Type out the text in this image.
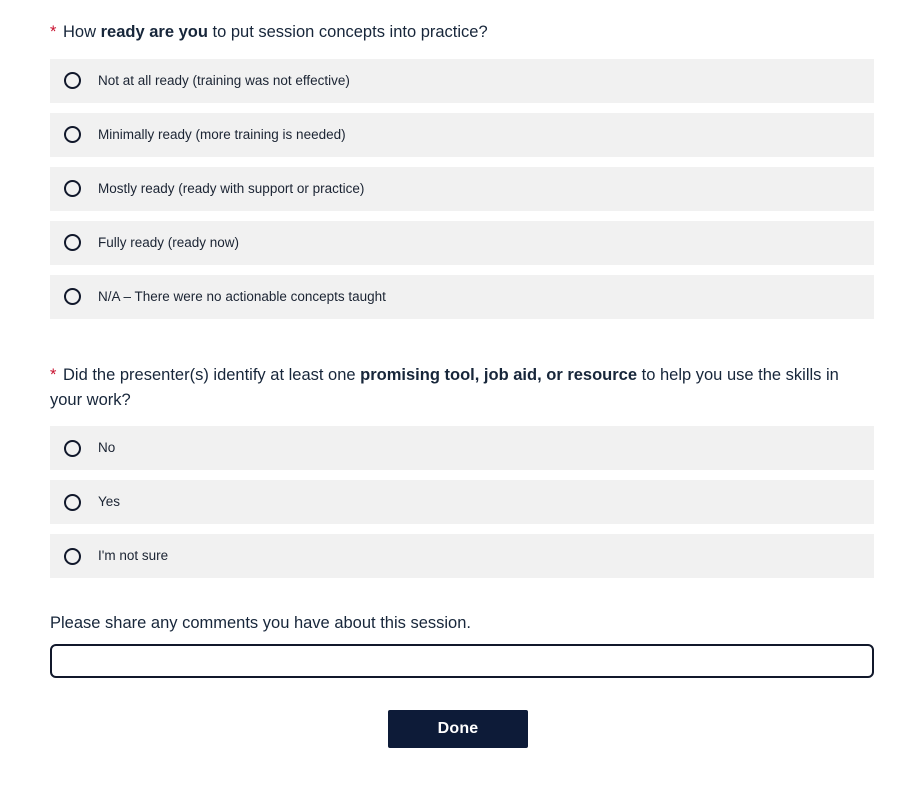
* How ready are you to put session concepts into practice?

Not at all ready (training was not effective)
Minimally ready (more training is needed)
Mostly ready (ready with support or practice)
Fully ready (ready now)
N/A – There were no actionable concepts taught

* Did the presenter(s) identify at least one promising tool, job aid, or resource to help you use the skills in your work?

No
Yes
I'm not sure
Please share any comments you have about this session.
Done
